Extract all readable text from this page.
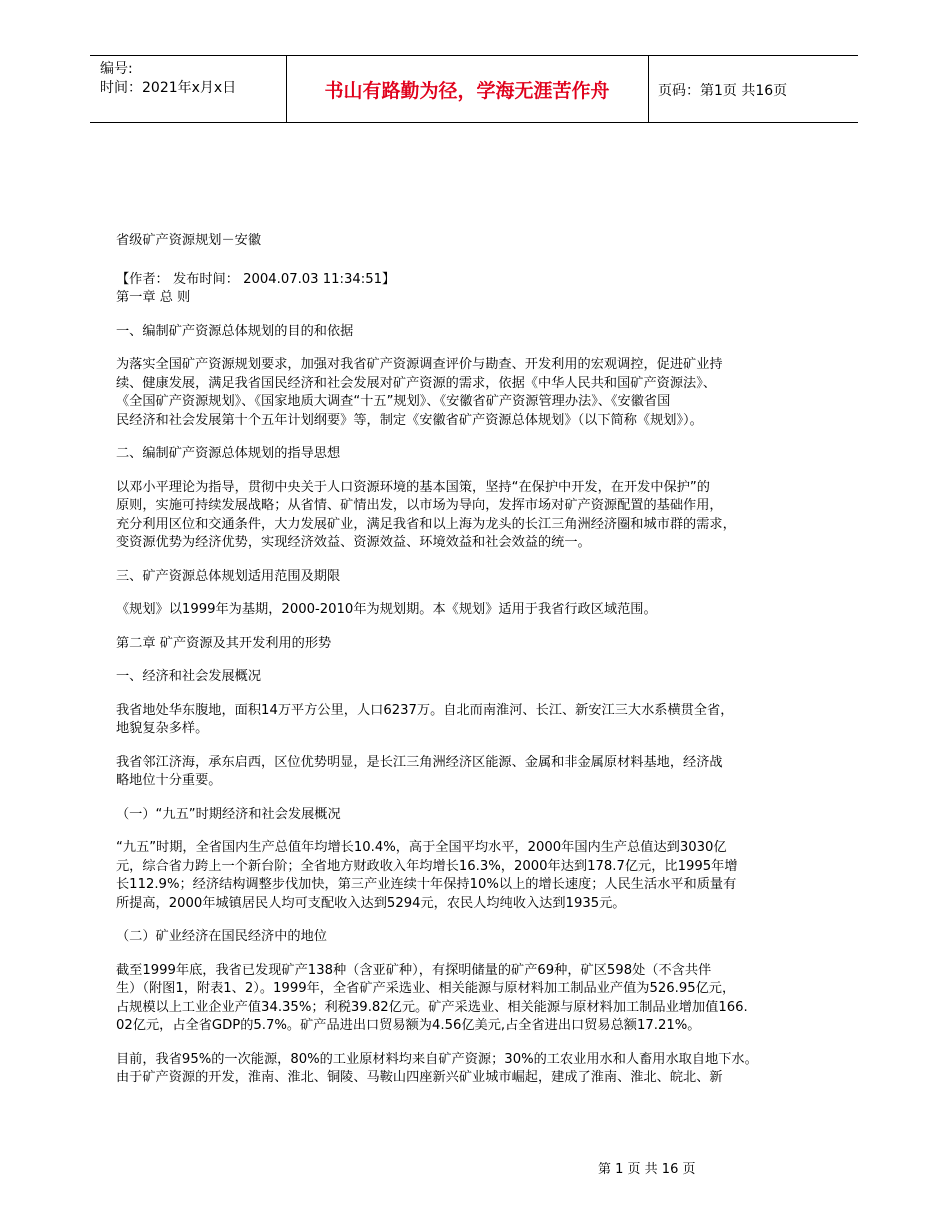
编号:
时间：2021年x月x日	书山有路勤为径，学海无涯苦作舟	页码：第1页 共16页

省级矿产资源规划－安徽

【作者： 发布时间： 2004.07.03 11:34:51】

第一章 总 则

一、编制矿产资源总体规划的目的和依据

为落实全国矿产资源规划要求，加强对我省矿产资源调查评价与勘查、开发利用的宏观调控，促进矿业持
续、健康发展，满足我省国民经济和社会发展对矿产资源的需求，依据《中华人民共和国矿产资源法》、
《全国矿产资源规划》、《国家地质大调查“十五”规划》、《安徽省矿产资源管理办法》、《安徽省国
民经济和社会发展第十个五年计划纲要》等，制定《安徽省矿产资源总体规划》（以下简称《规划》）。

二、编制矿产资源总体规划的指导思想

以邓小平理论为指导，贯彻中央关于人口资源环境的基本国策，坚持“在保护中开发，在开发中保护”的
原则，实施可持续发展战略；从省情、矿情出发，以市场为导向，发挥市场对矿产资源配置的基础作用，
充分利用区位和交通条件，大力发展矿业，满足我省和以上海为龙头的长江三角洲经济圈和城市群的需求，
变资源优势为经济优势，实现经济效益、资源效益、环境效益和社会效益的统一。

三、矿产资源总体规划适用范围及期限

《规划》以1999年为基期，2000-2010年为规划期。本《规划》适用于我省行政区域范围。

第二章 矿产资源及其开发利用的形势

一、经济和社会发展概况

我省地处华东腹地，面积14万平方公里，人口6237万。自北而南淮河、长江、新安江三大水系横贯全省，
地貌复杂多样。

我省邻江济海，承东启西，区位优势明显，是长江三角洲经济区能源、金属和非金属原材料基地，经济战
略地位十分重要。

（一）“九五”时期经济和社会发展概况

“九五”时期，全省国内生产总值年均增长10.4%，高于全国平均水平，2000年国内生产总值达到3030亿
元，综合省力跨上一个新台阶；全省地方财政收入年均增长16.3%，2000年达到178.7亿元，比1995年增
长112.9%；经济结构调整步伐加快，第三产业连续十年保持10%以上的增长速度；人民生活水平和质量有
所提高，2000年城镇居民人均可支配收入达到5294元，农民人均纯收入达到1935元。

（二）矿业经济在国民经济中的地位

截至1999年底，我省已发现矿产138种（含亚矿种），有探明储量的矿产69种，矿区598处（不含共伴
生）（附图1，附表1、2）。1999年，全省矿产采选业、相关能源与原材料加工制品业产值为526.95亿元，
占规模以上工业企业产值34.35%；利税39.82亿元。矿产采选业、相关能源与原材料加工制品业增加值166.
02亿元，占全省GDP的5.7%。矿产品进出口贸易额为4.56亿美元,占全省进出口贸易总额17.21%。

目前，我省95%的一次能源，80%的工业原材料均来自矿产资源；30%的工农业用水和人畜用水取自地下水。
由于矿产资源的开发，淮南、淮北、铜陵、马鞍山四座新兴矿业城市崛起，建成了淮南、淮北、皖北、新

第 1 页 共 16 页
